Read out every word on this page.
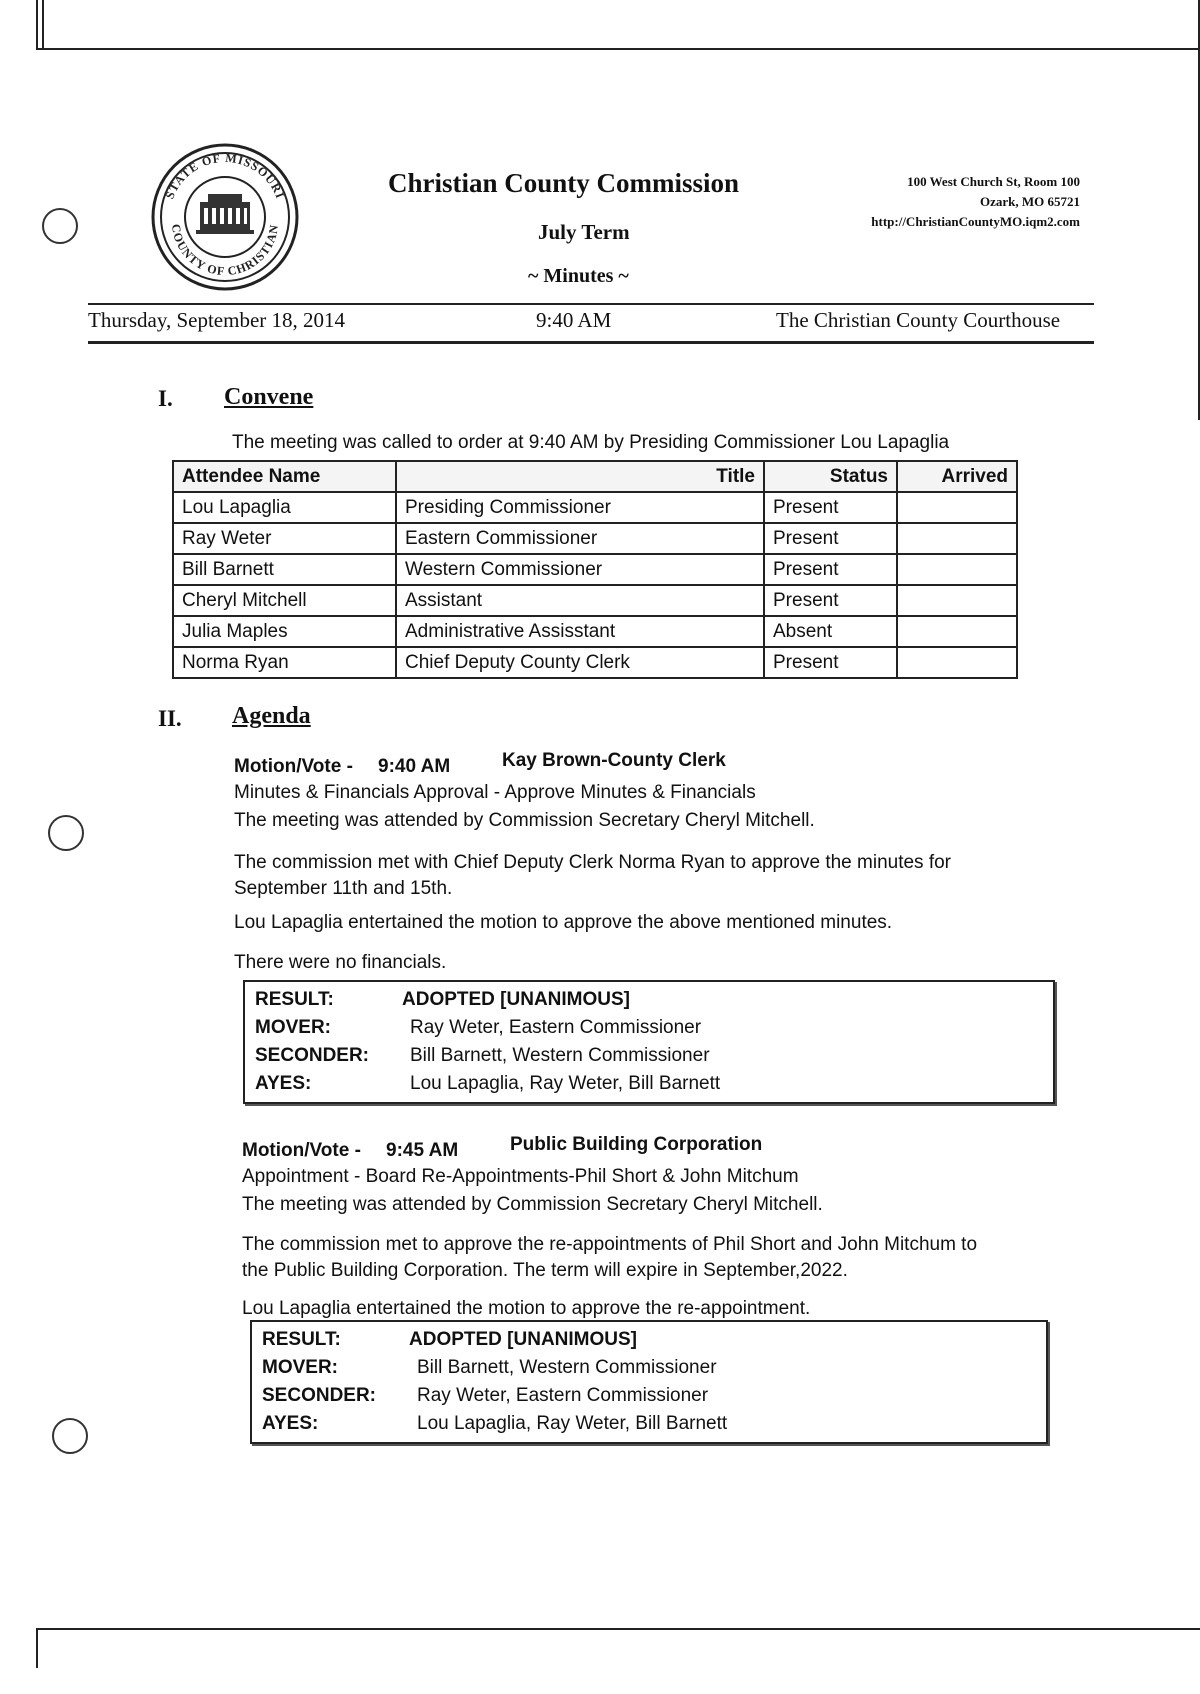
STATE OF MISSOURI
COUNTY OF CHRISTIAN
Christian County Commission
July Term
~ Minutes ~
100 West Church St, Room 100
Ozark, MO 65721
http://ChristianCountyMO.iqm2.com
Thursday, September 18, 2014	9:40 AM	The Christian County Courthouse
I. Convene
The meeting was called to order at 9:40 AM by Presiding Commissioner Lou Lapaglia
Attendee Name	Title	Status	Arrived
Lou Lapaglia	Presiding Commissioner	Present	
Ray Weter	Eastern Commissioner	Present	
Bill Barnett	Western Commissioner	Present	
Cheryl Mitchell	Assistant	Present	
Julia Maples	Administrative Assisstant	Absent	
Norma Ryan	Chief Deputy County Clerk	Present	
II. Agenda
Motion/Vote - 9:40 AM	Kay Brown-County Clerk
Minutes & Financials Approval - Approve Minutes & Financials
The meeting was attended by Commission Secretary Cheryl Mitchell.
The commission met with Chief Deputy Clerk Norma Ryan to approve the minutes for
September 11th and 15th.
Lou Lapaglia entertained the motion to approve the above mentioned minutes.
There were no financials.
RESULT:	ADOPTED [UNANIMOUS]
MOVER:	Ray Weter, Eastern Commissioner
SECONDER:	Bill Barnett, Western Commissioner
AYES:	Lou Lapaglia, Ray Weter, Bill Barnett
Motion/Vote - 9:45 AM	Public Building Corporation
Appointment - Board Re-Appointments-Phil Short & John Mitchum
The meeting was attended by Commission Secretary Cheryl Mitchell.
The commission met to approve the re-appointments of Phil Short and John Mitchum to
the Public Building Corporation. The term will expire in September,2022.
Lou Lapaglia entertained the motion to approve the re-appointment.
RESULT:	ADOPTED [UNANIMOUS]
MOVER:	Bill Barnett, Western Commissioner
SECONDER:	Ray Weter, Eastern Commissioner
AYES:	Lou Lapaglia, Ray Weter, Bill Barnett
